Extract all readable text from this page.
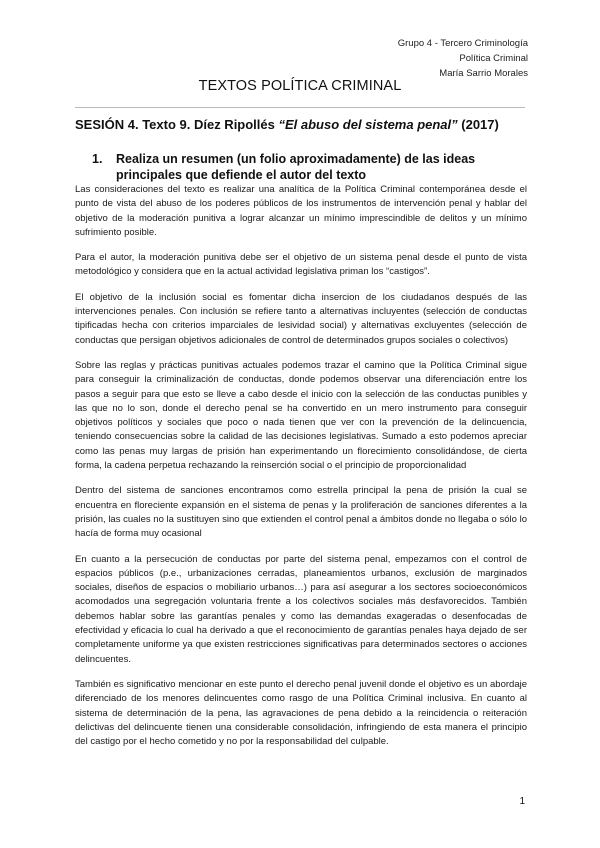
Grupo 4 - Tercero Criminología
Política Criminal
María Sarrio Morales
TEXTOS POLÍTICA CRIMINAL
SESIÓN 4. Texto 9. Díez Ripollés “El abuso del sistema penal” (2017)
1.	Realiza un resumen (un folio aproximadamente) de las ideas principales que defiende el autor del texto

Las consideraciones del texto es realizar una analítica de la Política Criminal contemporánea desde el punto de vista del abuso de los poderes públicos de los instrumentos de intervención penal y hablar del objetivo de la moderación punitiva a lograr alcanzar un mínimo imprescindible de delitos y un mínimo sufrimiento posible.

Para el autor, la moderación punitiva debe ser el objetivo de un sistema penal desde el punto de vista metodológico y considera que en la actual actividad legislativa priman los “castigos”.

El objetivo de la inclusión social es fomentar dicha insercion de los ciudadanos después de las intervenciones penales. Con inclusión se refiere tanto a alternativas incluyentes (selección de conductas tipificadas hecha con criterios imparciales de lesividad social) y alternativas excluyentes (selección de conductas que persigan objetivos adicionales de control de determinados grupos sociales o colectivos)

Sobre las reglas y prácticas punitivas actuales podemos trazar el camino que la Política Criminal sigue para conseguir la criminalización de conductas, donde podemos observar una diferenciación entre los pasos a seguir para que esto se lleve a cabo desde el inicio con la selección de las conductas punibles y las que no lo son, donde el derecho penal se ha convertido en un mero instrumento para conseguir objetivos políticos y sociales que poco o nada tienen que ver con la prevención de la delincuencia, teniendo consecuencias sobre la calidad de las decisiones legislativas. Sumado a esto podemos apreciar como las penas muy largas de prisión han experimentando un florecimiento consolidándose, de cierta forma, la cadena perpetua rechazando la reinserción social o el principio de proporcionalidad

Dentro del sistema de sanciones encontramos como estrella principal la pena de prisión la cual se encuentra en floreciente expansión en el sistema de penas y la proliferación de sanciones diferentes a la prisión, las cuales no la sustituyen sino que extienden el control penal a ámbitos donde no llegaba o sólo lo hacía de forma muy ocasional

En cuanto a la persecución de conductas por parte del sistema penal, empezamos con el control de espacios públicos (p.e., urbanizaciones cerradas, planeamientos urbanos, exclusión de marginados sociales, diseños de espacios o mobiliario urbanos…) para así asegurar a los sectores socioeconómicos acomodados una segregación voluntaria frente a los colectivos sociales más desfavorecidos. También debemos hablar sobre las garantías penales y como las demandas exageradas o desenfocadas de efectividad y eficacia lo cual ha derivado a que el reconocimiento de garantías penales haya dejado de ser completamente uniforme ya que existen restricciones significativas para determinados sectores o acciones delincuentes.

También es significativo mencionar en este punto el derecho penal juvenil donde el objetivo es un abordaje diferenciado de los menores delincuentes como rasgo de una Política Criminal inclusiva. En cuanto al sistema de determinación de la pena, las agravaciones de pena debido a la reincidencia o reiteración delictivas del delincuente tienen una considerable consolidación, infringiendo de esta manera el principio del castigo por el hecho cometido y no por la responsabilidad del culpable.

1
